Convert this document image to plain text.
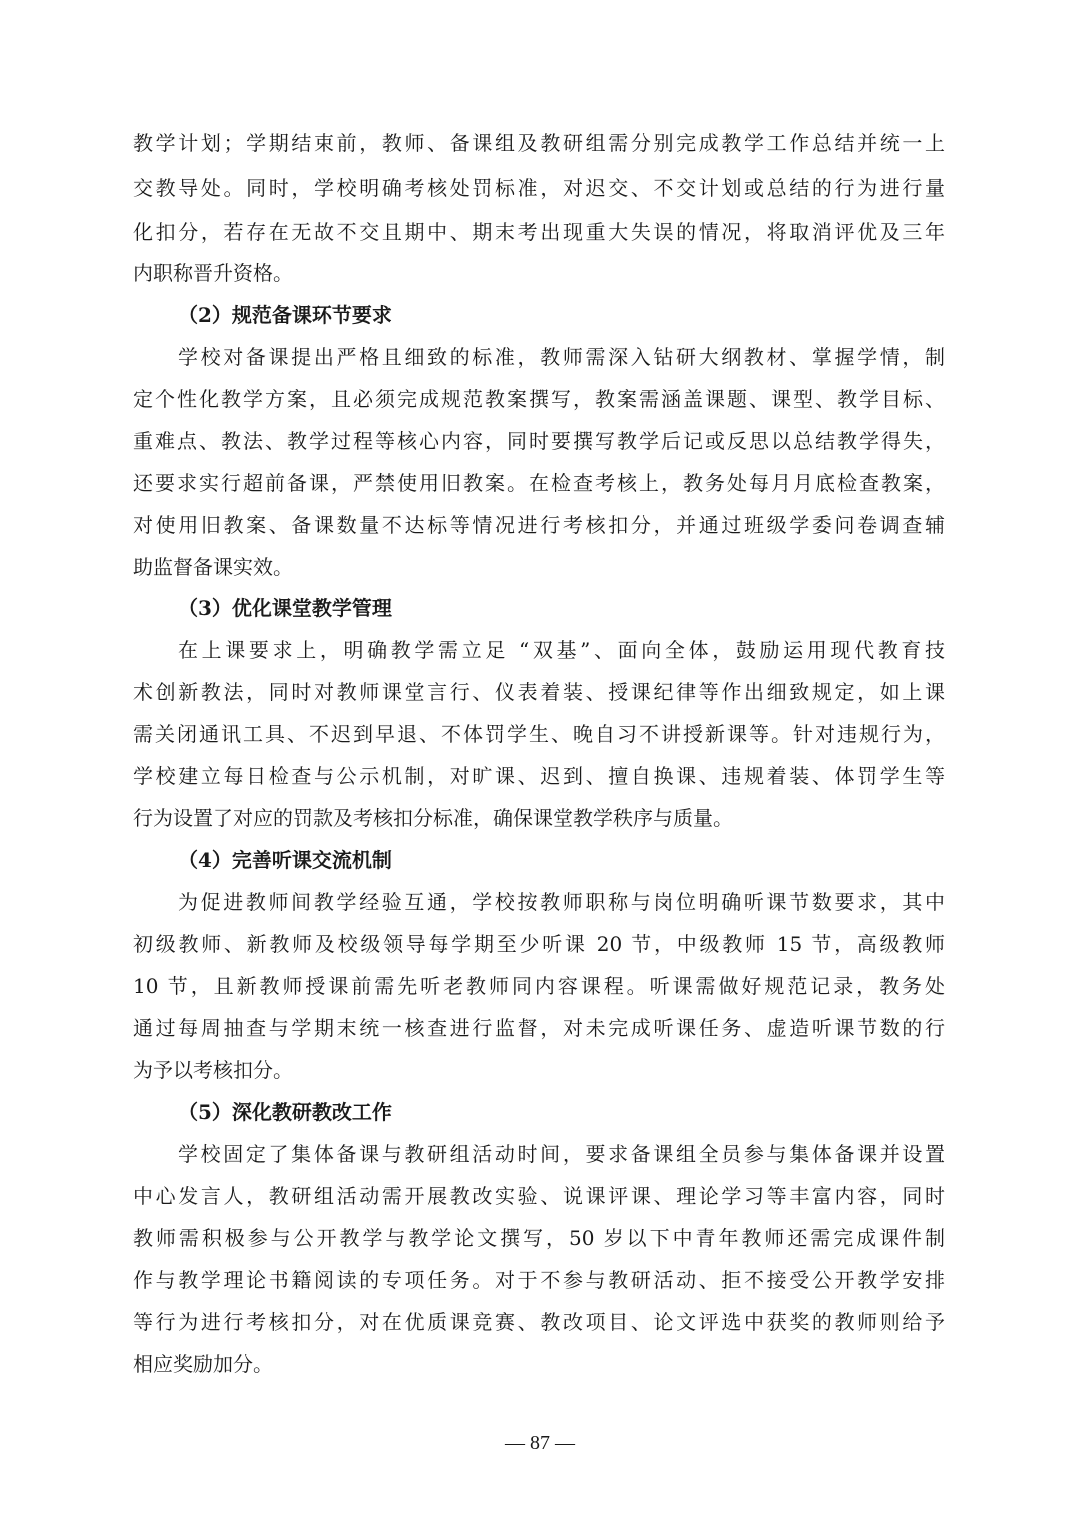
教学计划；学期结束前，教师、备课组及教研组需分别完成教学工作总结并统一上
交教导处。同时，学校明确考核处罚标准，对迟交、不交计划或总结的行为进行量
化扣分，若存在无故不交且期中、期末考出现重大失误的情况，将取消评优及三年
内职称晋升资格。
（2）规范备课环节要求
学校对备课提出严格且细致的标准，教师需深入钻研大纲教材、掌握学情，制
定个性化教学方案，且必须完成规范教案撰写，教案需涵盖课题、课型、教学目标、
重难点、教法、教学过程等核心内容，同时要撰写教学后记或反思以总结教学得失，
还要求实行超前备课，严禁使用旧教案。在检查考核上，教务处每月月底检查教案，
对使用旧教案、备课数量不达标等情况进行考核扣分，并通过班级学委问卷调查辅
助监督备课实效。
（3）优化课堂教学管理
在上课要求上，明确教学需立足 “双基”、面向全体，鼓励运用现代教育技
术创新教法，同时对教师课堂言行、仪表着装、授课纪律等作出细致规定，如上课
需关闭通讯工具、不迟到早退、不体罚学生、晚自习不讲授新课等。针对违规行为，
学校建立每日检查与公示机制，对旷课、迟到、擅自换课、违规着装、体罚学生等
行为设置了对应的罚款及考核扣分标准，确保课堂教学秩序与质量。
（4）完善听课交流机制
为促进教师间教学经验互通，学校按教师职称与岗位明确听课节数要求，其中
初级教师、新教师及校级领导每学期至少听课 20 节，中级教师 15 节，高级教师
10 节，且新教师授课前需先听老教师同内容课程。听课需做好规范记录，教务处
通过每周抽查与学期末统一核查进行监督，对未完成听课任务、虚造听课节数的行
为予以考核扣分。
（5）深化教研教改工作
学校固定了集体备课与教研组活动时间，要求备课组全员参与集体备课并设置
中心发言人，教研组活动需开展教改实验、说课评课、理论学习等丰富内容，同时
教师需积极参与公开教学与教学论文撰写，50 岁以下中青年教师还需完成课件制
作与教学理论书籍阅读的专项任务。对于不参与教研活动、拒不接受公开教学安排
等行为进行考核扣分，对在优质课竞赛、教改项目、论文评选中获奖的教师则给予
相应奖励加分。
— 87 —
